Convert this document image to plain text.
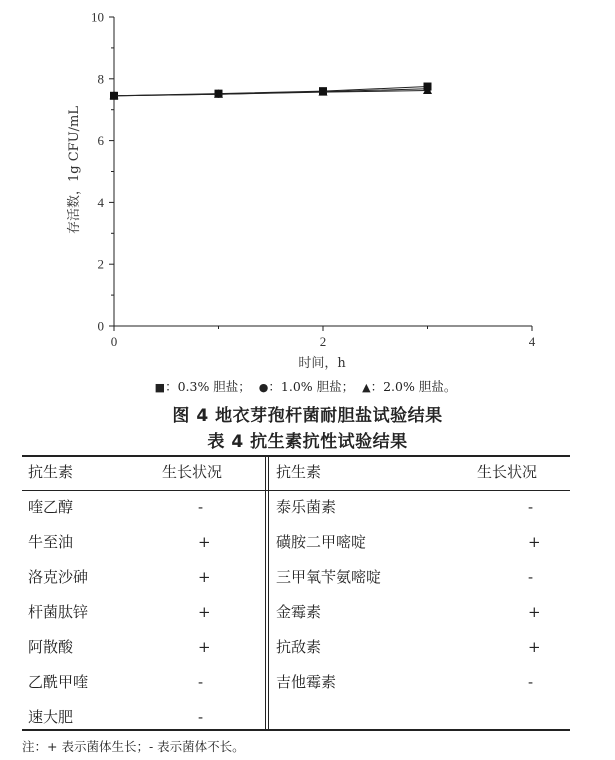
0
2
4
6
8
10
0	2	4
时间，h
存活数，1g CFU/mL
■：0.3% 胆盐； ●：1.0% 胆盐； ▲：2.0% 胆盐。
图 4 地衣芽孢杆菌耐胆盐试验结果
表 4 抗生素抗性试验结果
抗生素	生长状况
喹乙醇	-
牛至油	+
洛克沙砷	+
杆菌肽锌	+
阿散酸	+
乙酰甲喹	-
速大肥	-
抗生素	生长状况
泰乐菌素	-
磺胺二甲嘧啶	+
三甲氧苄氨嘧啶	-
金霉素	+
抗敌素	+
吉他霉素	-
注：+ 表示菌体生长；- 表示菌体不长。
